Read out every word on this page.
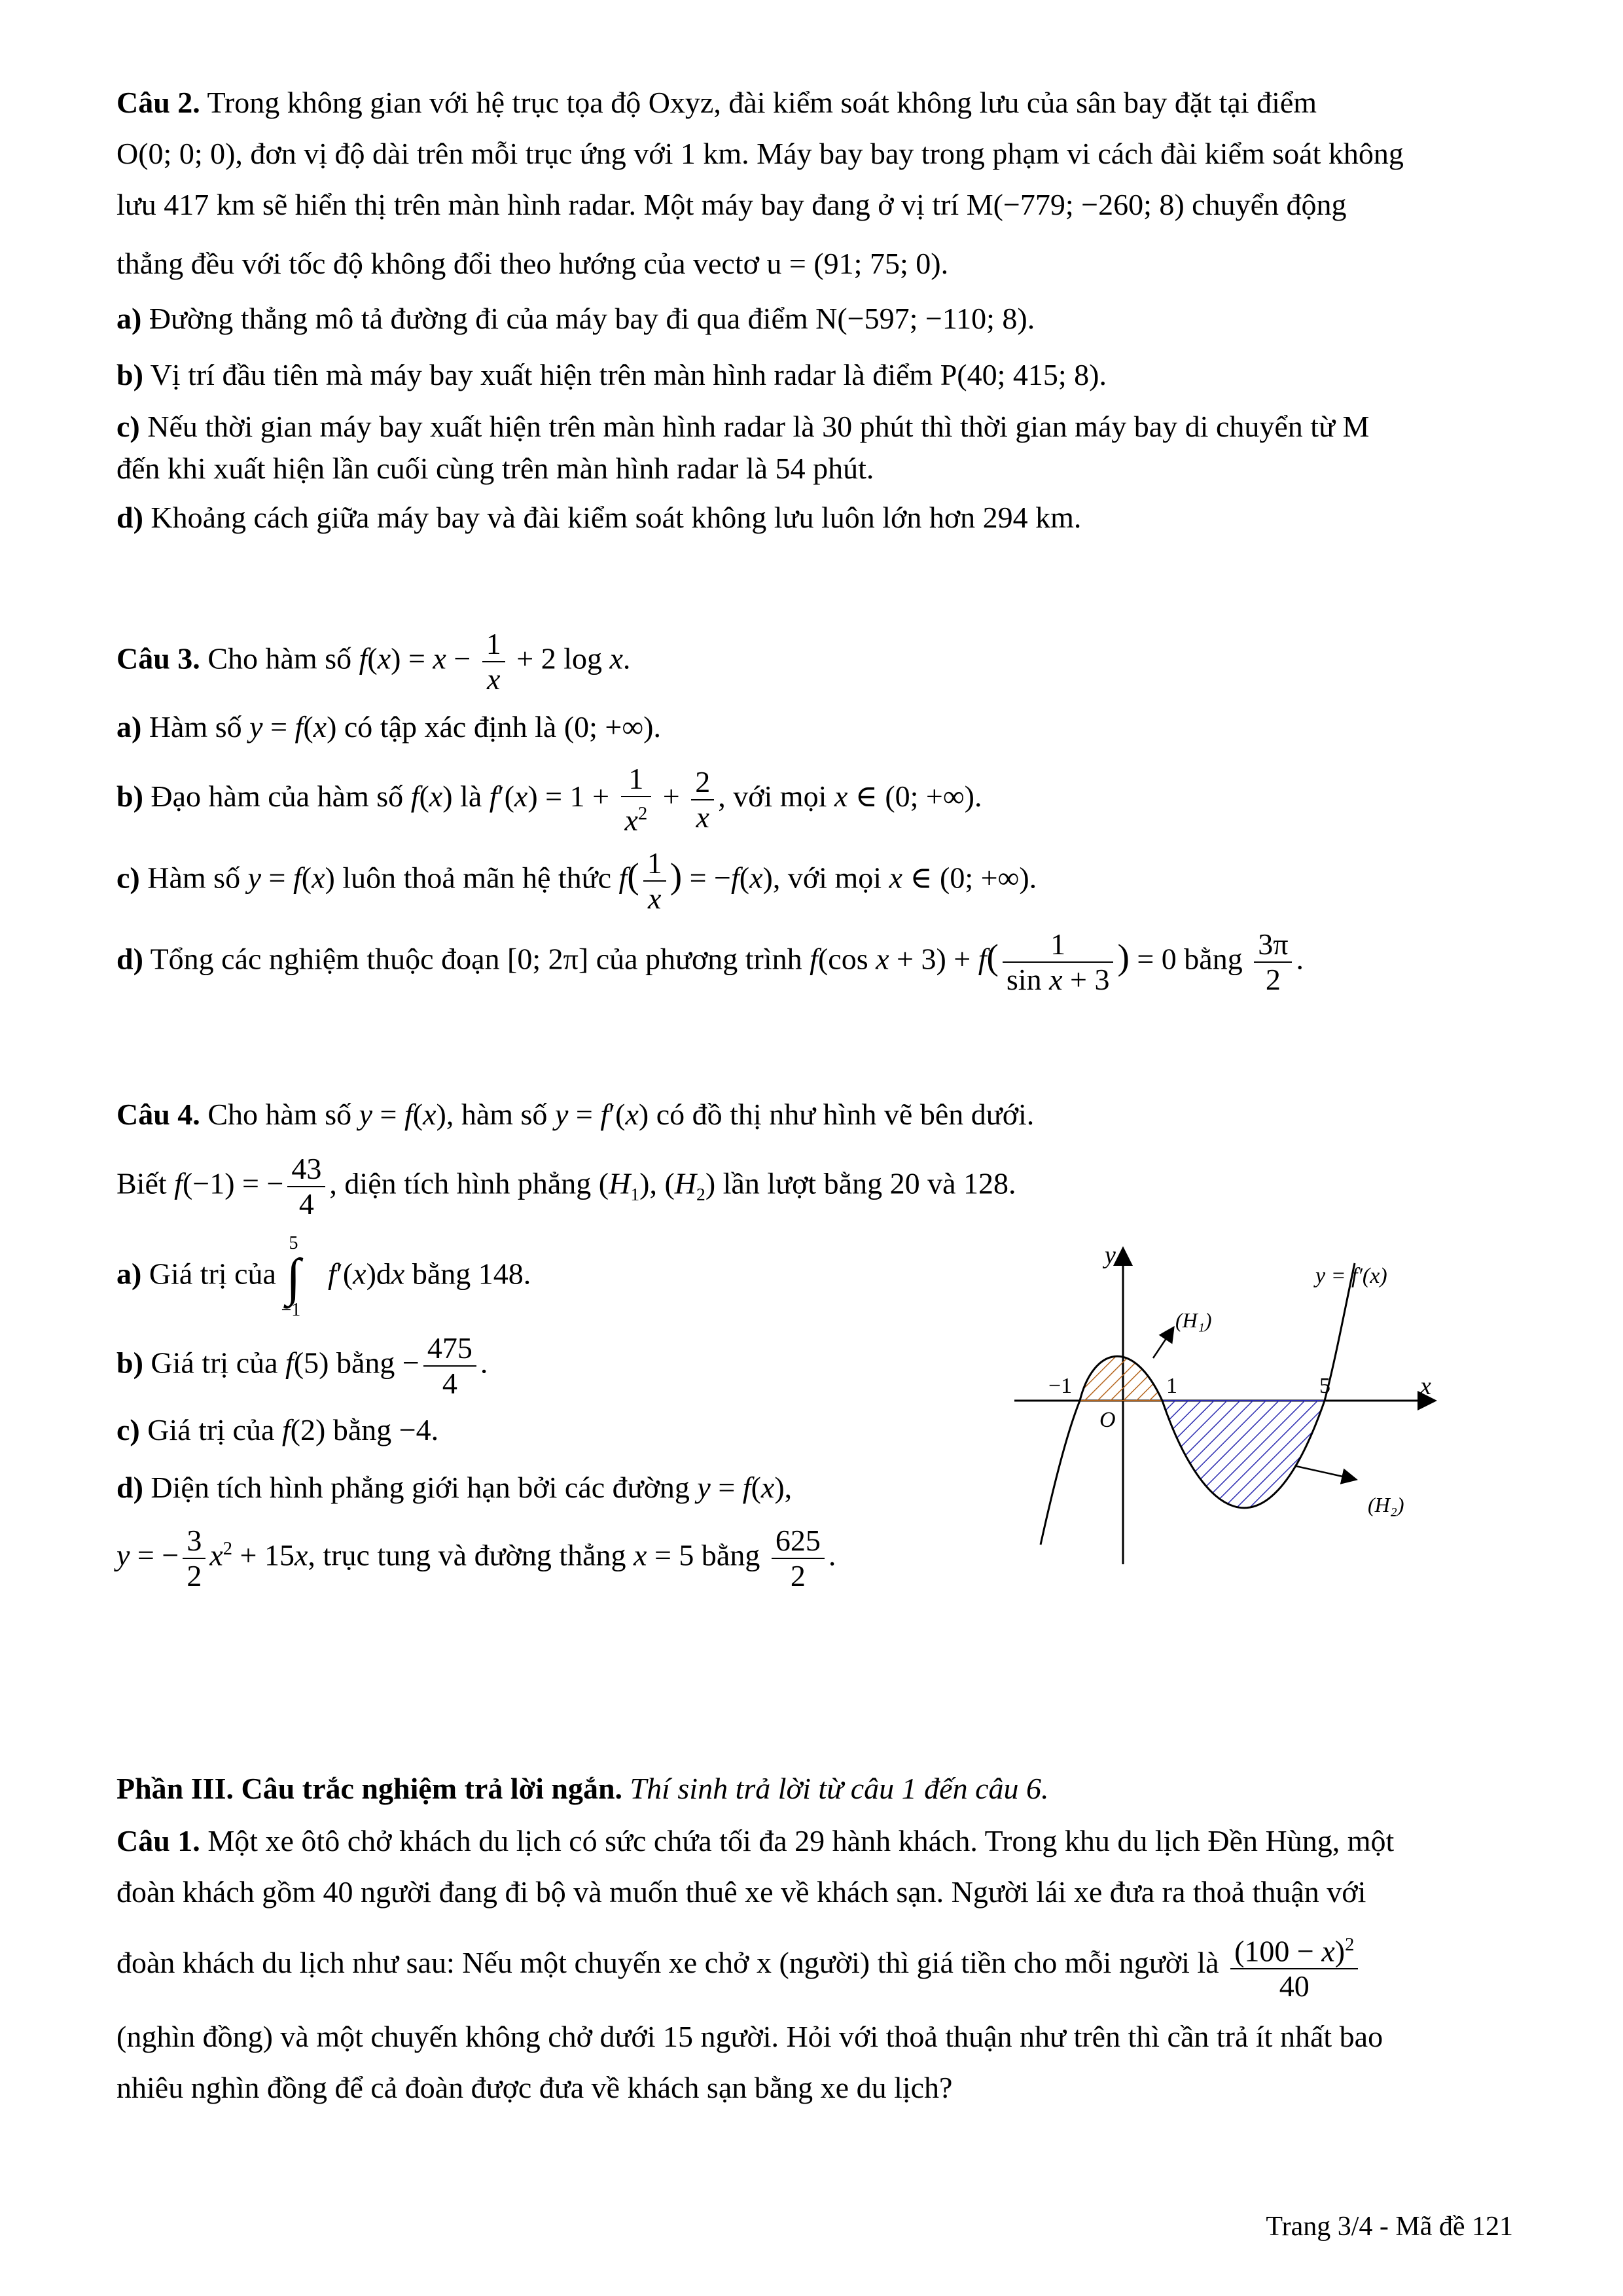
Câu 2. Trong không gian với hệ trục tọa độ Oxyz, đài kiểm soát không lưu của sân bay đặt tại điểm

O(0; 0; 0), đơn vị độ dài trên mỗi trục ứng với 1 km. Máy bay bay trong phạm vi cách đài kiểm soát không

lưu 417 km sẽ hiển thị trên màn hình radar. Một máy bay đang ở vị trí M(−779; −260; 8) chuyển động

thẳng đều với tốc độ không đổi theo hướng của vectơ u = (91; 75; 0).

a) Đường thẳng mô tả đường đi của máy bay đi qua điểm N(−597; −110; 8).

b) Vị trí đầu tiên mà máy bay xuất hiện trên màn hình radar là điểm P(40; 415; 8).

c) Nếu thời gian máy bay xuất hiện trên màn hình radar là 30 phút thì thời gian máy bay di chuyển từ M
đến khi xuất hiện lần cuối cùng trên màn hình radar là 54 phút.

d) Khoảng cách giữa máy bay và đài kiểm soát không lưu luôn lớn hơn 294 km.

Câu 3. Cho hàm số $f(x) = x - \frac{1}{x} + 2$ log x.

a) Hàm số y = f(x) có tập xác định là (0; +∞).

b) Đạo hàm của hàm số f(x) là $f'(x) = 1 + \frac{1}{x^2} + \frac{2}{x}$ , với mọi x ∈ (0; +∞).

c) Hàm số y = f(x) luôn thoả mãn hệ thức $f( \frac{1}{x}$ ) = −f(x), với mọi x ∈ (0; +∞).

d) Tổng các nghiệm thuộc đoạn [0; 2π] của phương trình f(cos $x + 3) + f( \frac{1}{\text{sin x + 3}}$ ) = 0 bằng $\frac{3\pi}{2}$ .

Câu 4. Cho hàm số y = f(x), hàm số y = f′(x) có đồ thị như hình vẽ bên dưới.

Biết f(−1) = − $\frac{43}{4}$ , diện tích hình phẳng $(H_1)$, $(H_2)$ lần lượt bằng 20 và 128.

a) Giá trị của
5
∫
−1
f′(x)dx bằng 148.

b) Giá trị của f(5) bằng − $\frac{475}{4}$ .

c) Giá trị của f(2) bằng −4.

d) Diện tích hình phẳng giới hạn bởi các đường y = f(x),

y = − $\frac{3}{2} x^2 + 15x$, trục tung và đường thẳng x = 5 bằng $\frac{625}{2}$ .

y
x
O
−1	1	5
y = f′(x)
(H₁)
(H₂)

Phần III. Câu trắc nghiệm trả lời ngắn. Thí sinh trả lời từ câu 1 đến câu 6.

Câu 1. Một xe ôtô chở khách du lịch có sức chứa tối đa 29 hành khách. Trong khu du lịch Đền Hùng, một

đoàn khách gồm 40 người đang đi bộ và muốn thuê xe về khách sạn. Người lái xe đưa ra thoả thuận với

đoàn khách du lịch như sau: Nếu một chuyến xe chở x (người) thì giá tiền cho mỗi người là $\frac{(100 - x)^2}{40}$

(nghìn đồng) và một chuyến không chở dưới 15 người. Hỏi với thoả thuận như trên thì cần trả ít nhất bao

nhiêu nghìn đồng để cả đoàn được đưa về khách sạn bằng xe du lịch?

Trang 3/4 - Mã đề 121
